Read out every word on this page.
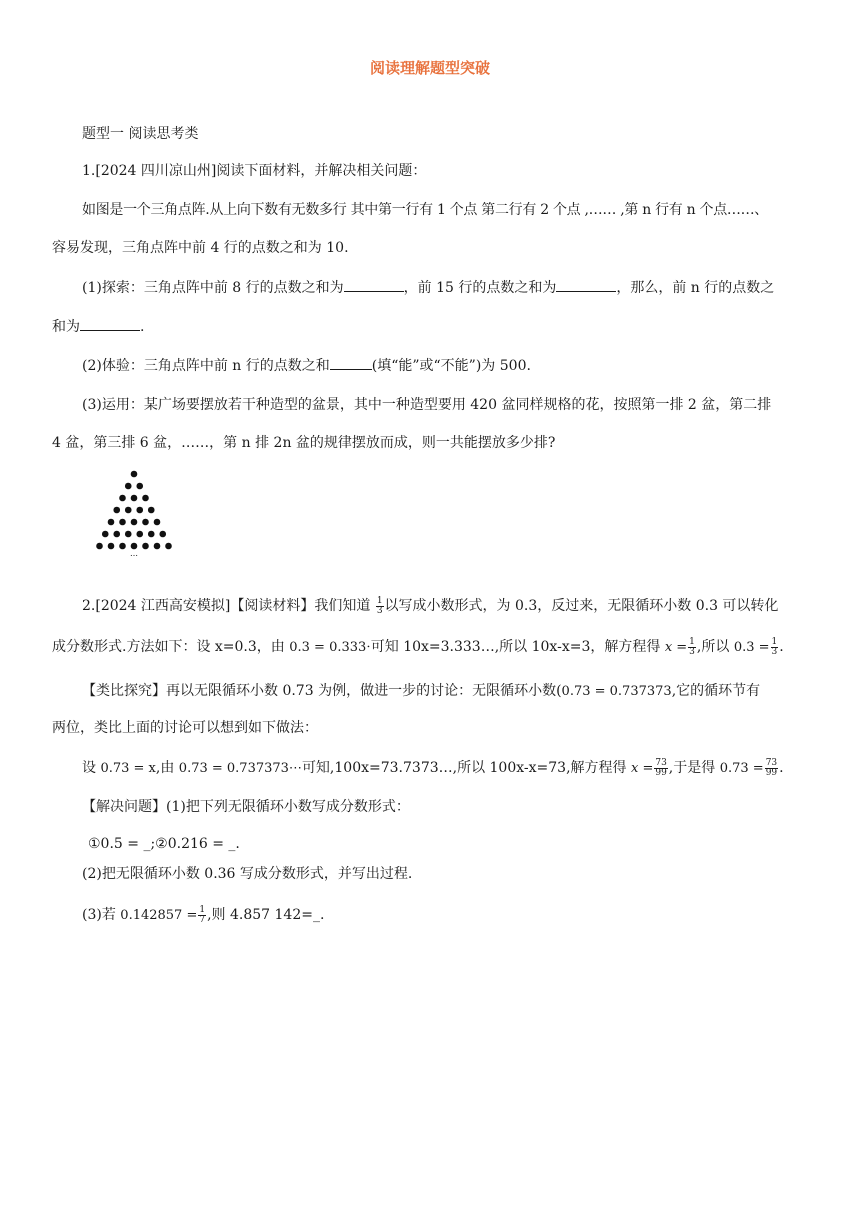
阅读理解题型突破
题型一 阅读思考类
1.[2024 四川凉山州]阅读下面材料，并解决相关问题：
如图是一个三角点阵.从上向下数有无数多行 其中第一行有 1 个点 第二行有 2 个点 ,…… ,第 n 行有 n 个点……、
容易发现，三角点阵中前 4 行的点数之和为 10.
(1)探索：三角点阵中前 8 行的点数之和为	，前 15 行的点数之和为	，那么，前 n 行的点数之
和为	.
(2)体验：三角点阵中前 n 行的点数之和	(填“能”或“不能”)为 500.
(3)运用：某广场要摆放若干种造型的盆景，其中一种造型要用 420 盆同样规格的花，按照第一排 2 盆，第二排
4 盆，第三排 6 盆，……，第 n 排 2n 盆的规律摆放而成，则一共能摆放多少排?
…
2.[2024 江西高安模拟]【阅读材料】我们知道 $\frac{1}{3}$ 以写成小数形式，为 0.3，反过来，无限循环小数 0.3 可以转化
成分数形式.方法如下：设 x=0.3，由 0.3 = 0.333⋅可知 10x=3.333…,所以 10x-x=3，解方程得 $x = \frac{1}{3}$ ,所以 $0.3 = \frac{1}{3}$ .
【类比探究】再以无限循环小数 0.73 为例，做进一步的讨论：无限循环小数(0.73 = 0.737373,它的循环节有
两位，类比上面的讨论可以想到如下做法：
设 0.73 = x,由 0.73 = 0.737373⋯可知,100x=73.7373…,所以 100x-x=73,解方程得 $x = \frac{73}{99}$ ,于是得 $0.73 = \frac{73}{99}$ .
【解决问题】(1)把下列无限循环小数写成分数形式：
①0.5 = _;②0.216 = _.
(2)把无限循环小数 0.36 写成分数形式，并写出过程.
(3)若 $0.142857 = \frac{1}{7}$ ,则 4.857 142=_.
